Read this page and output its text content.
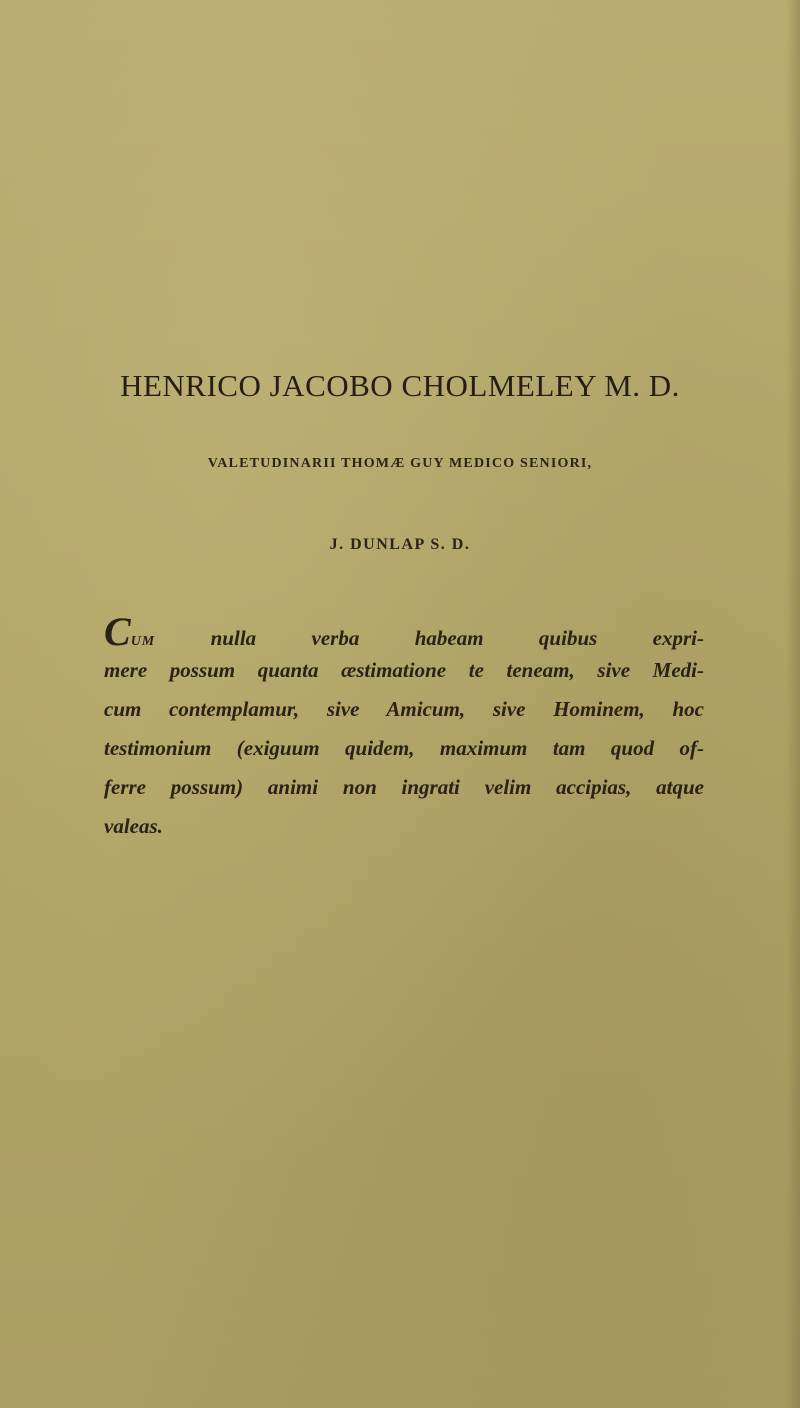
HENRICO JACOBO CHOLMELEY M. D.
VALETUDINARII THOMÆ GUY MEDICO SENIORI,
J. DUNLAP S. D.
CUM nulla verba habeam quibus expri-
mere possum quanta æstimatione te teneam, sive Medi-
cum contemplamur, sive Amicum, sive Hominem, hoc
testimonium (exiguum quidem, maximum tam quod of-
ferre possum) animi non ingrati velim accipias, atque
valeas.
